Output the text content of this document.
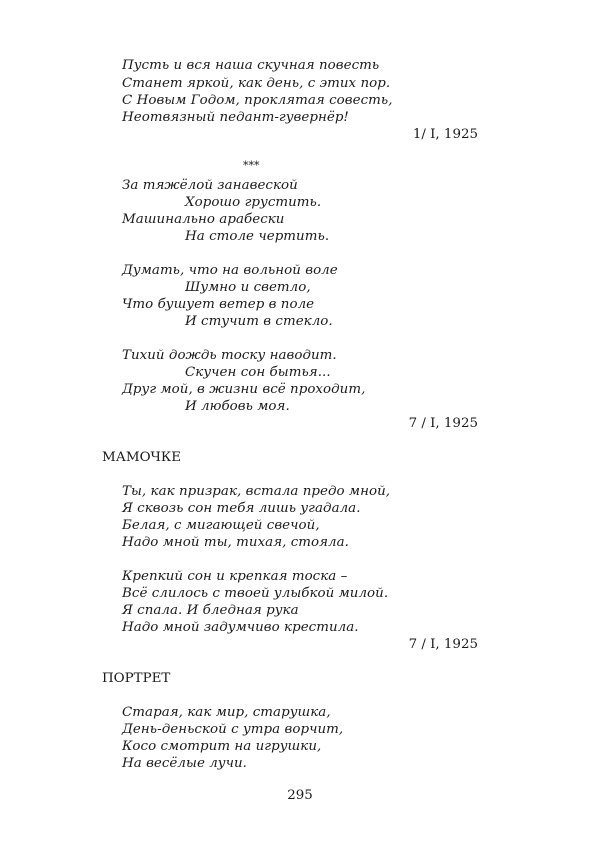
Пусть и вся наша скучная повесть
Станет яркой, как день, с этих пор.
С Новым Годом, проклятая совесть,
Неотвязный педант-гувернёр!
1/ I, 1925
***
За тяжёлой занавеской
Хорошо грустить.
Машинально арабески
На столе чертить.
Думать, что на вольной воле
Шумно и светло,
Что бушует ветер в поле
И стучит в стекло.
Тихий дождь тоску наводит.
Скучен сон бытья...
Друг мой, в жизни всё проходит,
И любовь моя.
7 / I, 1925
МАМОЧКЕ
Ты, как призрак, встала предо мной,
Я сквозь сон тебя лишь угадала.
Белая, с мигающей свечой,
Надо мной ты, тихая, стояла.
Крепкий сон и крепкая тоска –
Всё слилось с твоей улыбкой милой.
Я спала. И бледная рука
Надо мной задумчиво крестила.
7 / I, 1925
ПОРТРЕТ
Старая, как мир, старушка,
День-деньской с утра ворчит,
Косо смотрит на игрушки,
На весёлые лучи.
295
